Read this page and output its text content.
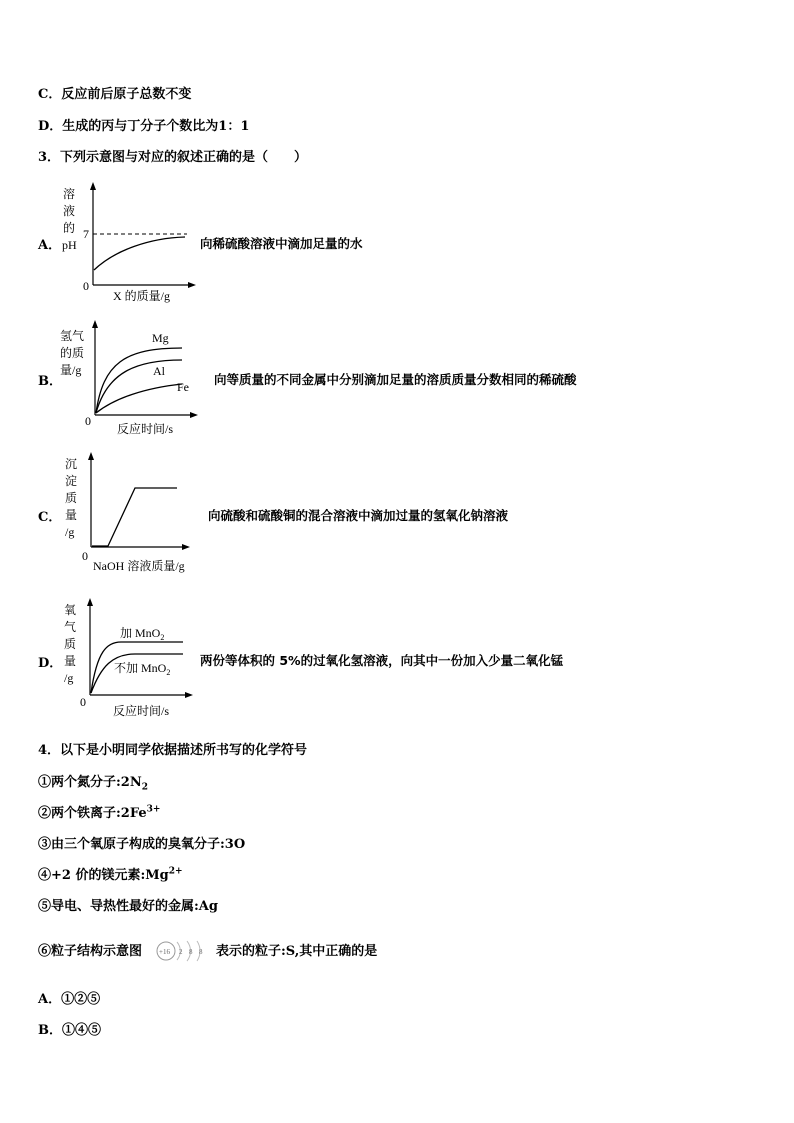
C．反应前后原子总数不变
D．生成的丙与丁分子个数比为1：1
3．下列示意图与对应的叙述正确的是（　　）
A．
溶
液
的
pH
7
0
X 的质量/g
向稀硫酸溶液中滴加足量的水
B．
氢气
的质
量/g
Mg
Al
Fe
0
反应时间/s
向等质量的不同金属中分别滴加足量的溶质质量分数相同的稀硫酸
C．
沉
淀
质
量
/g
0
NaOH 溶液质量/g
向硫酸和硫酸铜的混合溶液中滴加过量的氢氧化钠溶液
D．
氧
气
质
量
/g
加 MnO$_2$
不加 MnO$_2$
0
反应时间/s
两份等体积的 5%的过氧化氢溶液，向其中一份加入少量二氧化锰
4．以下是小明同学依据描述所书写的化学符号
①两个氮分子$:2N_2$
②两个铁离子$:2Fe^{3+}$
③由三个氧原子构成的臭氧分子:3O
④+2 价的镁元素$:Mg^{2+}$
⑤导电、导热性最好的金属:Ag
⑥粒子结构示意图 +16 2 8 8 表示的粒子:S,其中正确的是
A．①②⑤
B．①④⑤
